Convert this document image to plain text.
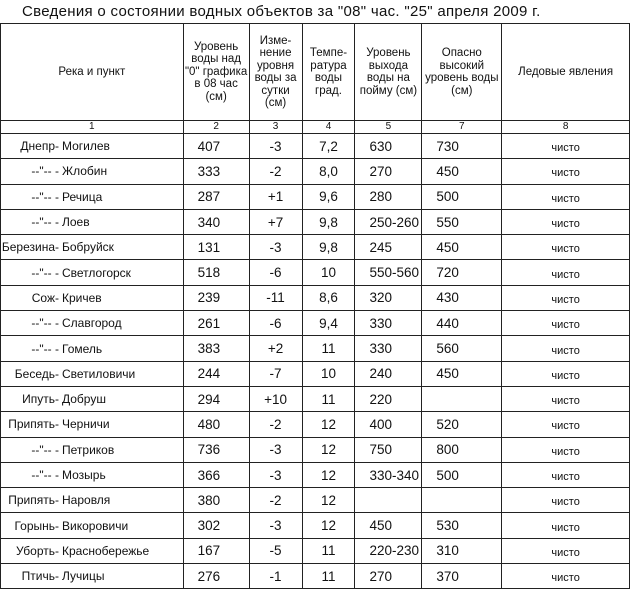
Сведения о состоянии водных объектов за "08" час. "25" апреля 2009 г.
Река и пункт	Уровень воды над "0" графика в 08 час (см)	Изме- нение уровня воды за сутки (см)	Темпе- ратура воды град.	Уровень выхода воды на пойму (см)	Опасно высокий уровень воды (см)	Ледовые явления
1	2	3	4	5	7	8
Днепр- Могилев	407	-3	7,2	630	730	чисто
--"-- - Жлобин	333	-2	8,0	270	450	чисто
--"-- - Речица	287	+1	9,6	280	500	чисто
--"-- - Лоев	340	+7	9,8	250-260	550	чисто
Березина- Бобруйск	131	-3	9,8	245	450	чисто
--"-- - Светлогорск	518	-6	10	550-560	720	чисто
Сож- Кричев	239	-11	8,6	320	430	чисто
--"-- - Славгород	261	-6	9,4	330	440	чисто
--"-- - Гомель	383	+2	11	330	560	чисто
Беседь- Светиловичи	244	-7	10	240	450	чисто
Ипуть- Добруш	294	+10	11	220		чисто
Припять- Черничи	480	-2	12	400	520	чисто
--"-- - Петриков	736	-3	12	750	800	чисто
--"-- - Мозырь	366	-3	12	330-340	500	чисто
Припять- Наровля	380	-2	12			чисто
Горынь- Викоровичи	302	-3	12	450	530	чисто
Уборть- Краснобережье	167	-5	11	220-230	310	чисто
Птичь- Лучицы	276	-1	11	270	370	чисто
